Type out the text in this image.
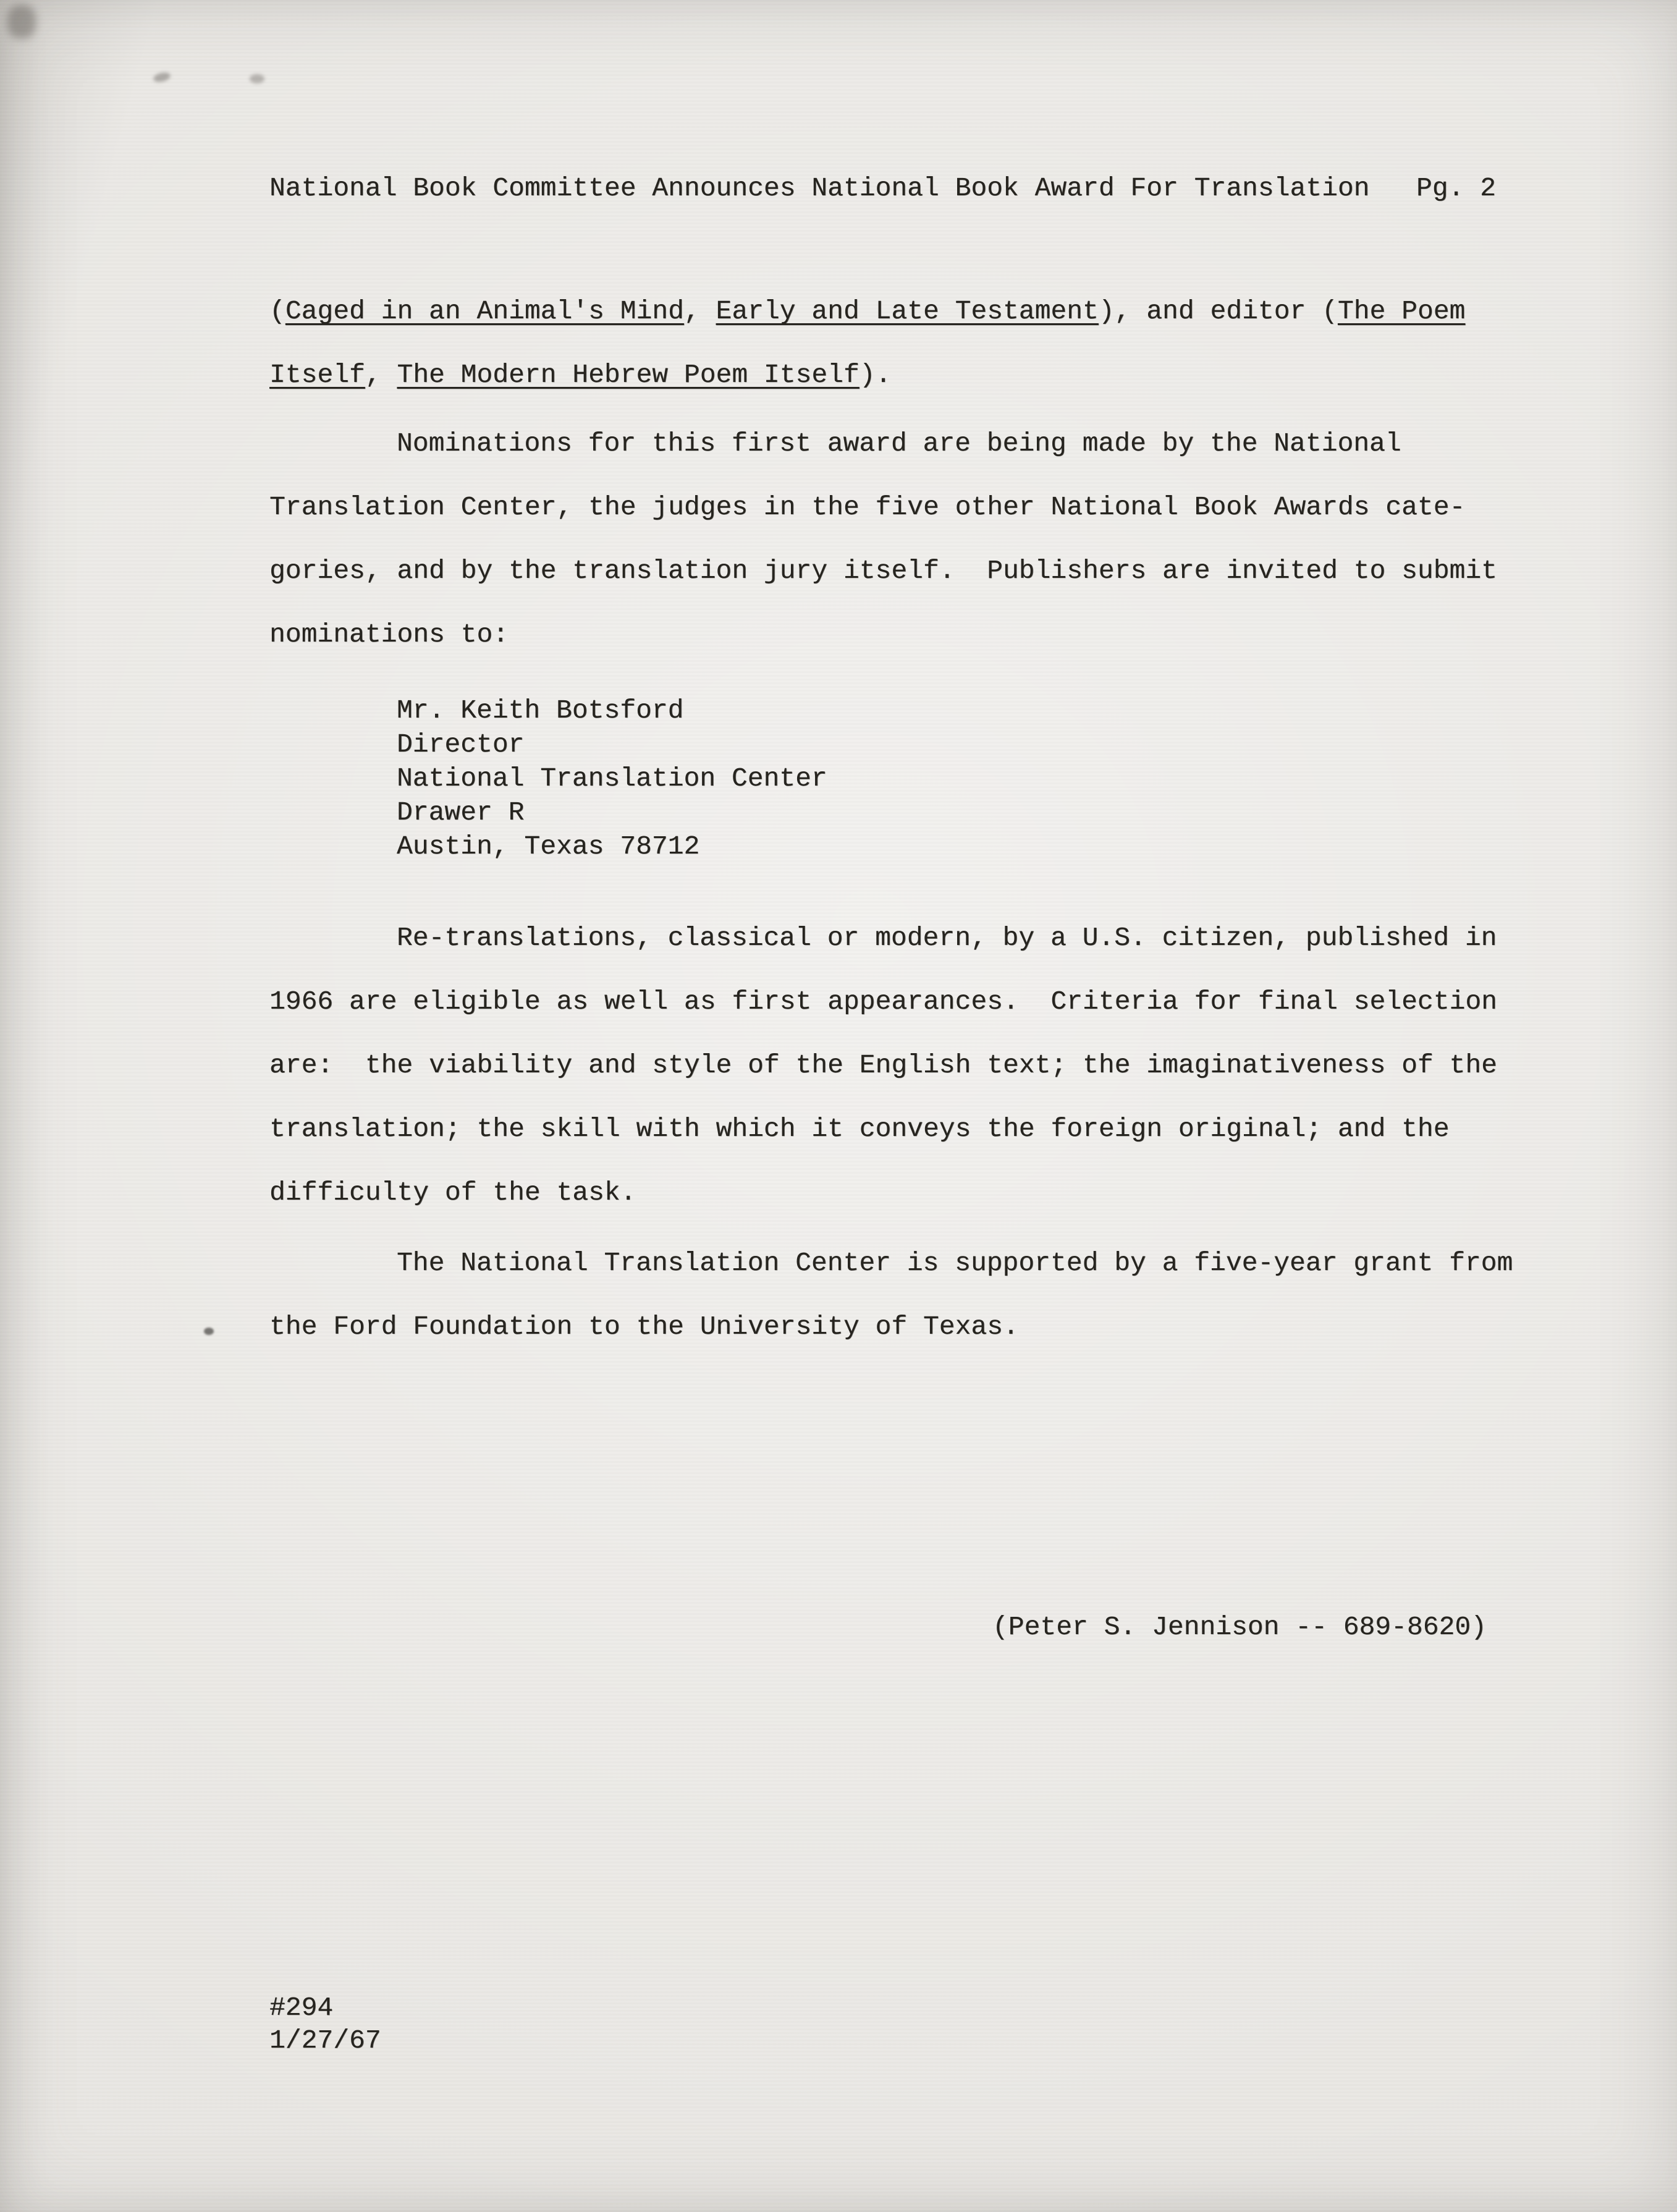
National Book Committee Announces National Book Award For Translation Pg. 2
(Caged in an Animal's Mind, Early and Late Testament), and editor (The Poem
Itself, The Modern Hebrew Poem Itself).
Nominations for this first award are being made by the National
Translation Center, the judges in the five other National Book Awards cate-
gories, and by the translation jury itself.  Publishers are invited to submit
nominations to:
Mr. Keith Botsford
Director
National Translation Center
Drawer R
Austin, Texas 78712
Re-translations, classical or modern, by a U.S. citizen, published in
1966 are eligible as well as first appearances.  Criteria for final selection
are:  the viability and style of the English text; the imaginativeness of the
translation; the skill with which it conveys the foreign original; and the
difficulty of the task.
The National Translation Center is supported by a five-year grant from
the Ford Foundation to the University of Texas.
(Peter S. Jennison -- 689-8620)
#294
1/27/67
